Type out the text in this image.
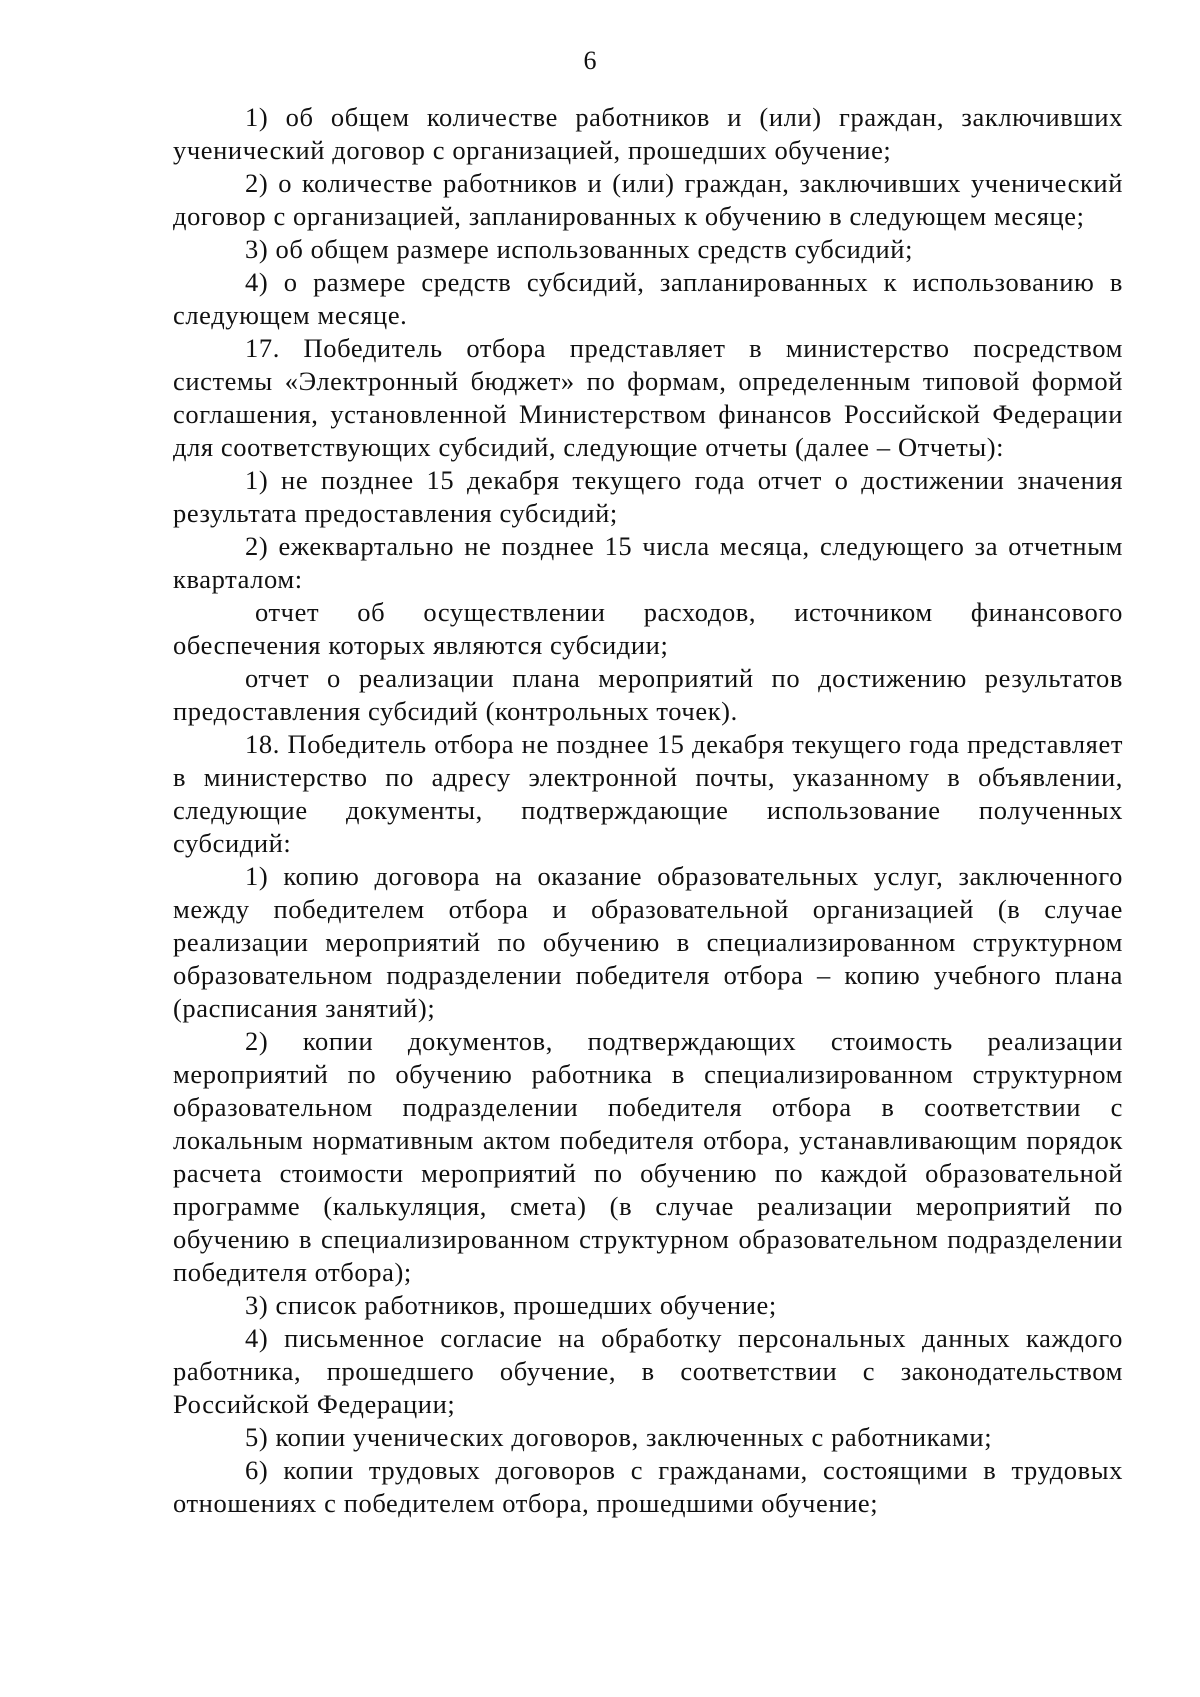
6

1) об общем количестве работников и (или) граждан, заключивших ученический договор с организацией, прошедших обучение;

2) о количестве работников и (или) граждан, заключивших ученический договор с организацией, запланированных к обучению в следующем месяце;

3) об общем размере использованных средств субсидий;

4) о размере средств субсидий, запланированных к использованию в следующем месяце.

17. Победитель отбора представляет в министерство посредством системы «Электронный бюджет» по формам, определенным типовой формой соглашения, установленной Министерством финансов Российской Федерации для соответствующих субсидий, следующие отчеты (далее – Отчеты):

1) не позднее 15 декабря текущего года отчет о достижении значения результата предоставления субсидий;

2) ежеквартально не позднее 15 числа месяца, следующего за отчетным кварталом:

отчет об осуществлении расходов, источником финансового обеспечения которых являются субсидии;

отчет о реализации плана мероприятий по достижению результатов предоставления субсидий (контрольных точек).

18. Победитель отбора не позднее 15 декабря текущего года представляет в министерство по адресу электронной почты, указанному в объявлении, следующие документы, подтверждающие использование полученных субсидий:

1) копию договора на оказание образовательных услуг, заключенного между победителем отбора и образовательной организацией (в случае реализации мероприятий по обучению в специализированном структурном образовательном подразделении победителя отбора – копию учебного плана (расписания занятий);

2) копии документов, подтверждающих стоимость реализации мероприятий по обучению работника в специализированном структурном образовательном подразделении победителя отбора в соответствии с локальным нормативным актом победителя отбора, устанавливающим порядок расчета стоимости мероприятий по обучению по каждой образовательной программе (калькуляция, смета) (в случае реализации мероприятий по обучению в специализированном структурном образовательном подразделении победителя отбора);

3) список работников, прошедших обучение;

4) письменное согласие на обработку персональных данных каждого работника, прошедшего обучение, в соответствии с законодательством Российской Федерации;

5) копии ученических договоров, заключенных с работниками;

6) копии трудовых договоров с гражданами, состоящими в трудовых отношениях с победителем отбора, прошедшими обучение;
